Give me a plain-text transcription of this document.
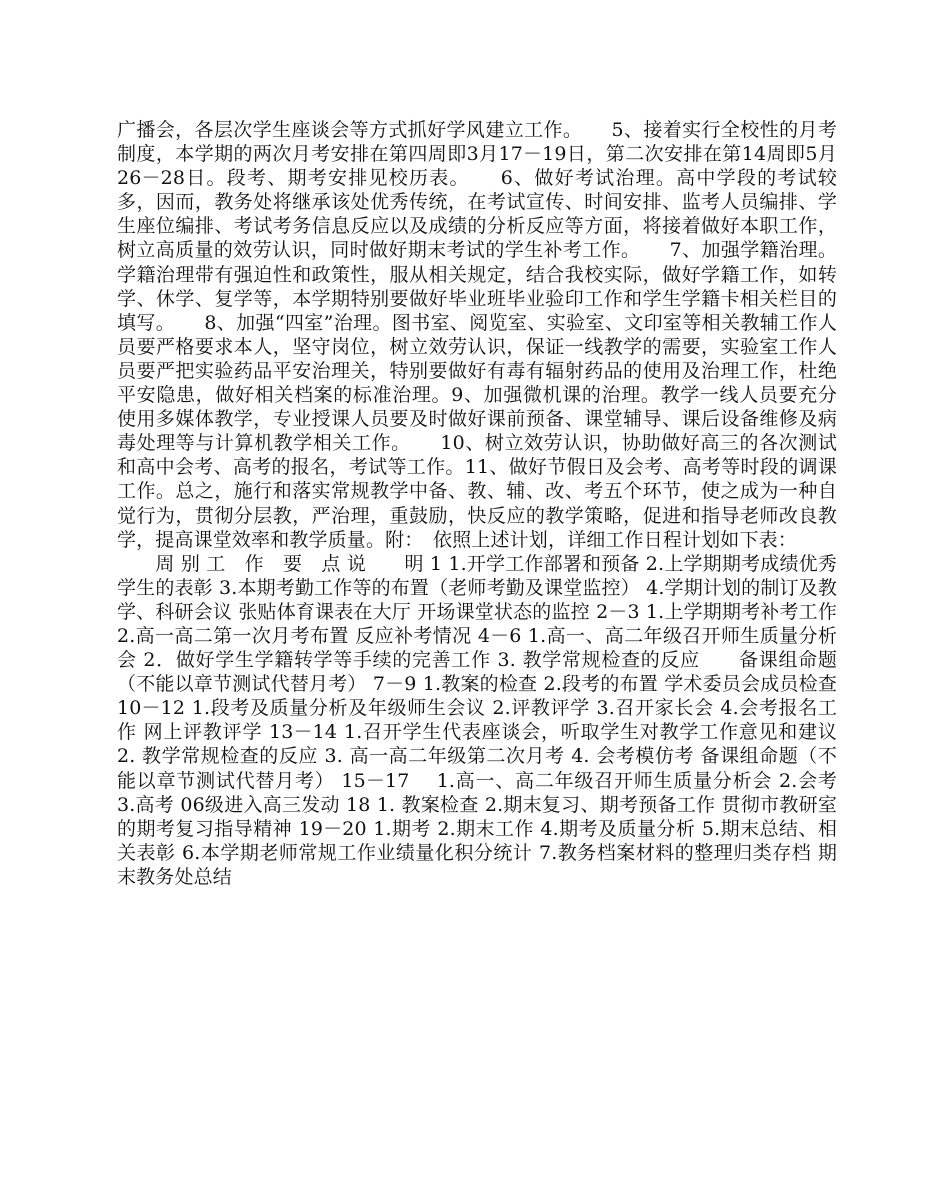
广播会，各层次学生座谈会等方式抓好学风建立工作。　　5、接着实行全校性的月考制度，本学期的两次月考安排在第四周即3月17－19日，第二次安排在第14周即5月26－28日。段考、期考安排见校历表。　　6、做好考试治理。高中学段的考试较多，因而，教务处将继承该处优秀传统，在考试宣传、时间安排、监考人员编排、学生座位编排、考试考务信息反应以及成绩的分析反应等方面，将接着做好本职工作，树立高质量的效劳认识，同时做好期末考试的学生补考工作。　　7、加强学籍治理。学籍治理带有强迫性和政策性，服从相关规定，结合我校实际，做好学籍工作，如转学、休学、复学等，本学期特别要做好毕业班毕业验印工作和学生学籍卡相关栏目的填写。　　8、加强“四室”治理。图书室、阅览室、实验室、文印室等相关教辅工作人员要严格要求本人，坚守岗位，树立效劳认识，保证一线教学的需要，实验室工作人员要严把实验药品平安治理关，特别要做好有毒有辐射药品的使用及治理工作，杜绝平安隐患，做好相关档案的标准治理。9、加强微机课的治理。教学一线人员要充分使用多媒体教学，专业授课人员要及时做好课前预备、课堂辅导、课后设备维修及病毒处理等与计算机教学相关工作。　　10、树立效劳认识，协助做好高三的各次测试和高中会考、高考的报名，考试等工作。11、做好节假日及会考、高考等时段的调课工作。总之，施行和落实常规教学中备、教、辅、改、考五个环节，使之成为一种自觉行为，贯彻分层教，严治理，重鼓励，快反应的教学策略，促进和指导老师改良教学，提高课堂效率和教学质量。附：　依照上述计划，详细工作日程计划如下表：

　　周 别 工　作　要　点 说　　明 1 1.开学工作部署和预备 2.上学期期考成绩优秀学生的表彰 3.本期考勤工作等的布置（老师考勤及课堂监控） 4.学期计划的制订及教学、科研会议 张贴体育课表在大厅 开场课堂状态的监控 2－3 1.上学期期考补考工作 2.高一高二第一次月考布置 反应补考情况 4－6 1.高一、高二年级召开师生质量分析会 2．做好学生学籍转学等手续的完善工作 3. 教学常规检查的反应　　备课组命题（不能以章节测试代替月考） 7－9 1.教案的检查 2.段考的布置 学术委员会成员检查 10－12 1.段考及质量分析及年级师生会议 2.评教评学 3.召开家长会 4.会考报名工作 网上评教评学 13－14 1.召开学生代表座谈会，听取学生对教学工作意见和建议 2. 教学常规检查的反应 3. 高一高二年级第二次月考 4. 会考模仿考 备课组命题（不能以章节测试代替月考） 15－17　 1.高一、高二年级召开师生质量分析会 2.会考 3.高考 06级进入高三发动 18 1. 教案检查 2.期末复习、期考预备工作 贯彻市教研室的期考复习指导精神 19－20 1.期考 2.期末工作 4.期考及质量分析 5.期末总结、相关表彰 6.本学期老师常规工作业绩量化积分统计 7.教务档案材料的整理归类存档 期末教务处总结
